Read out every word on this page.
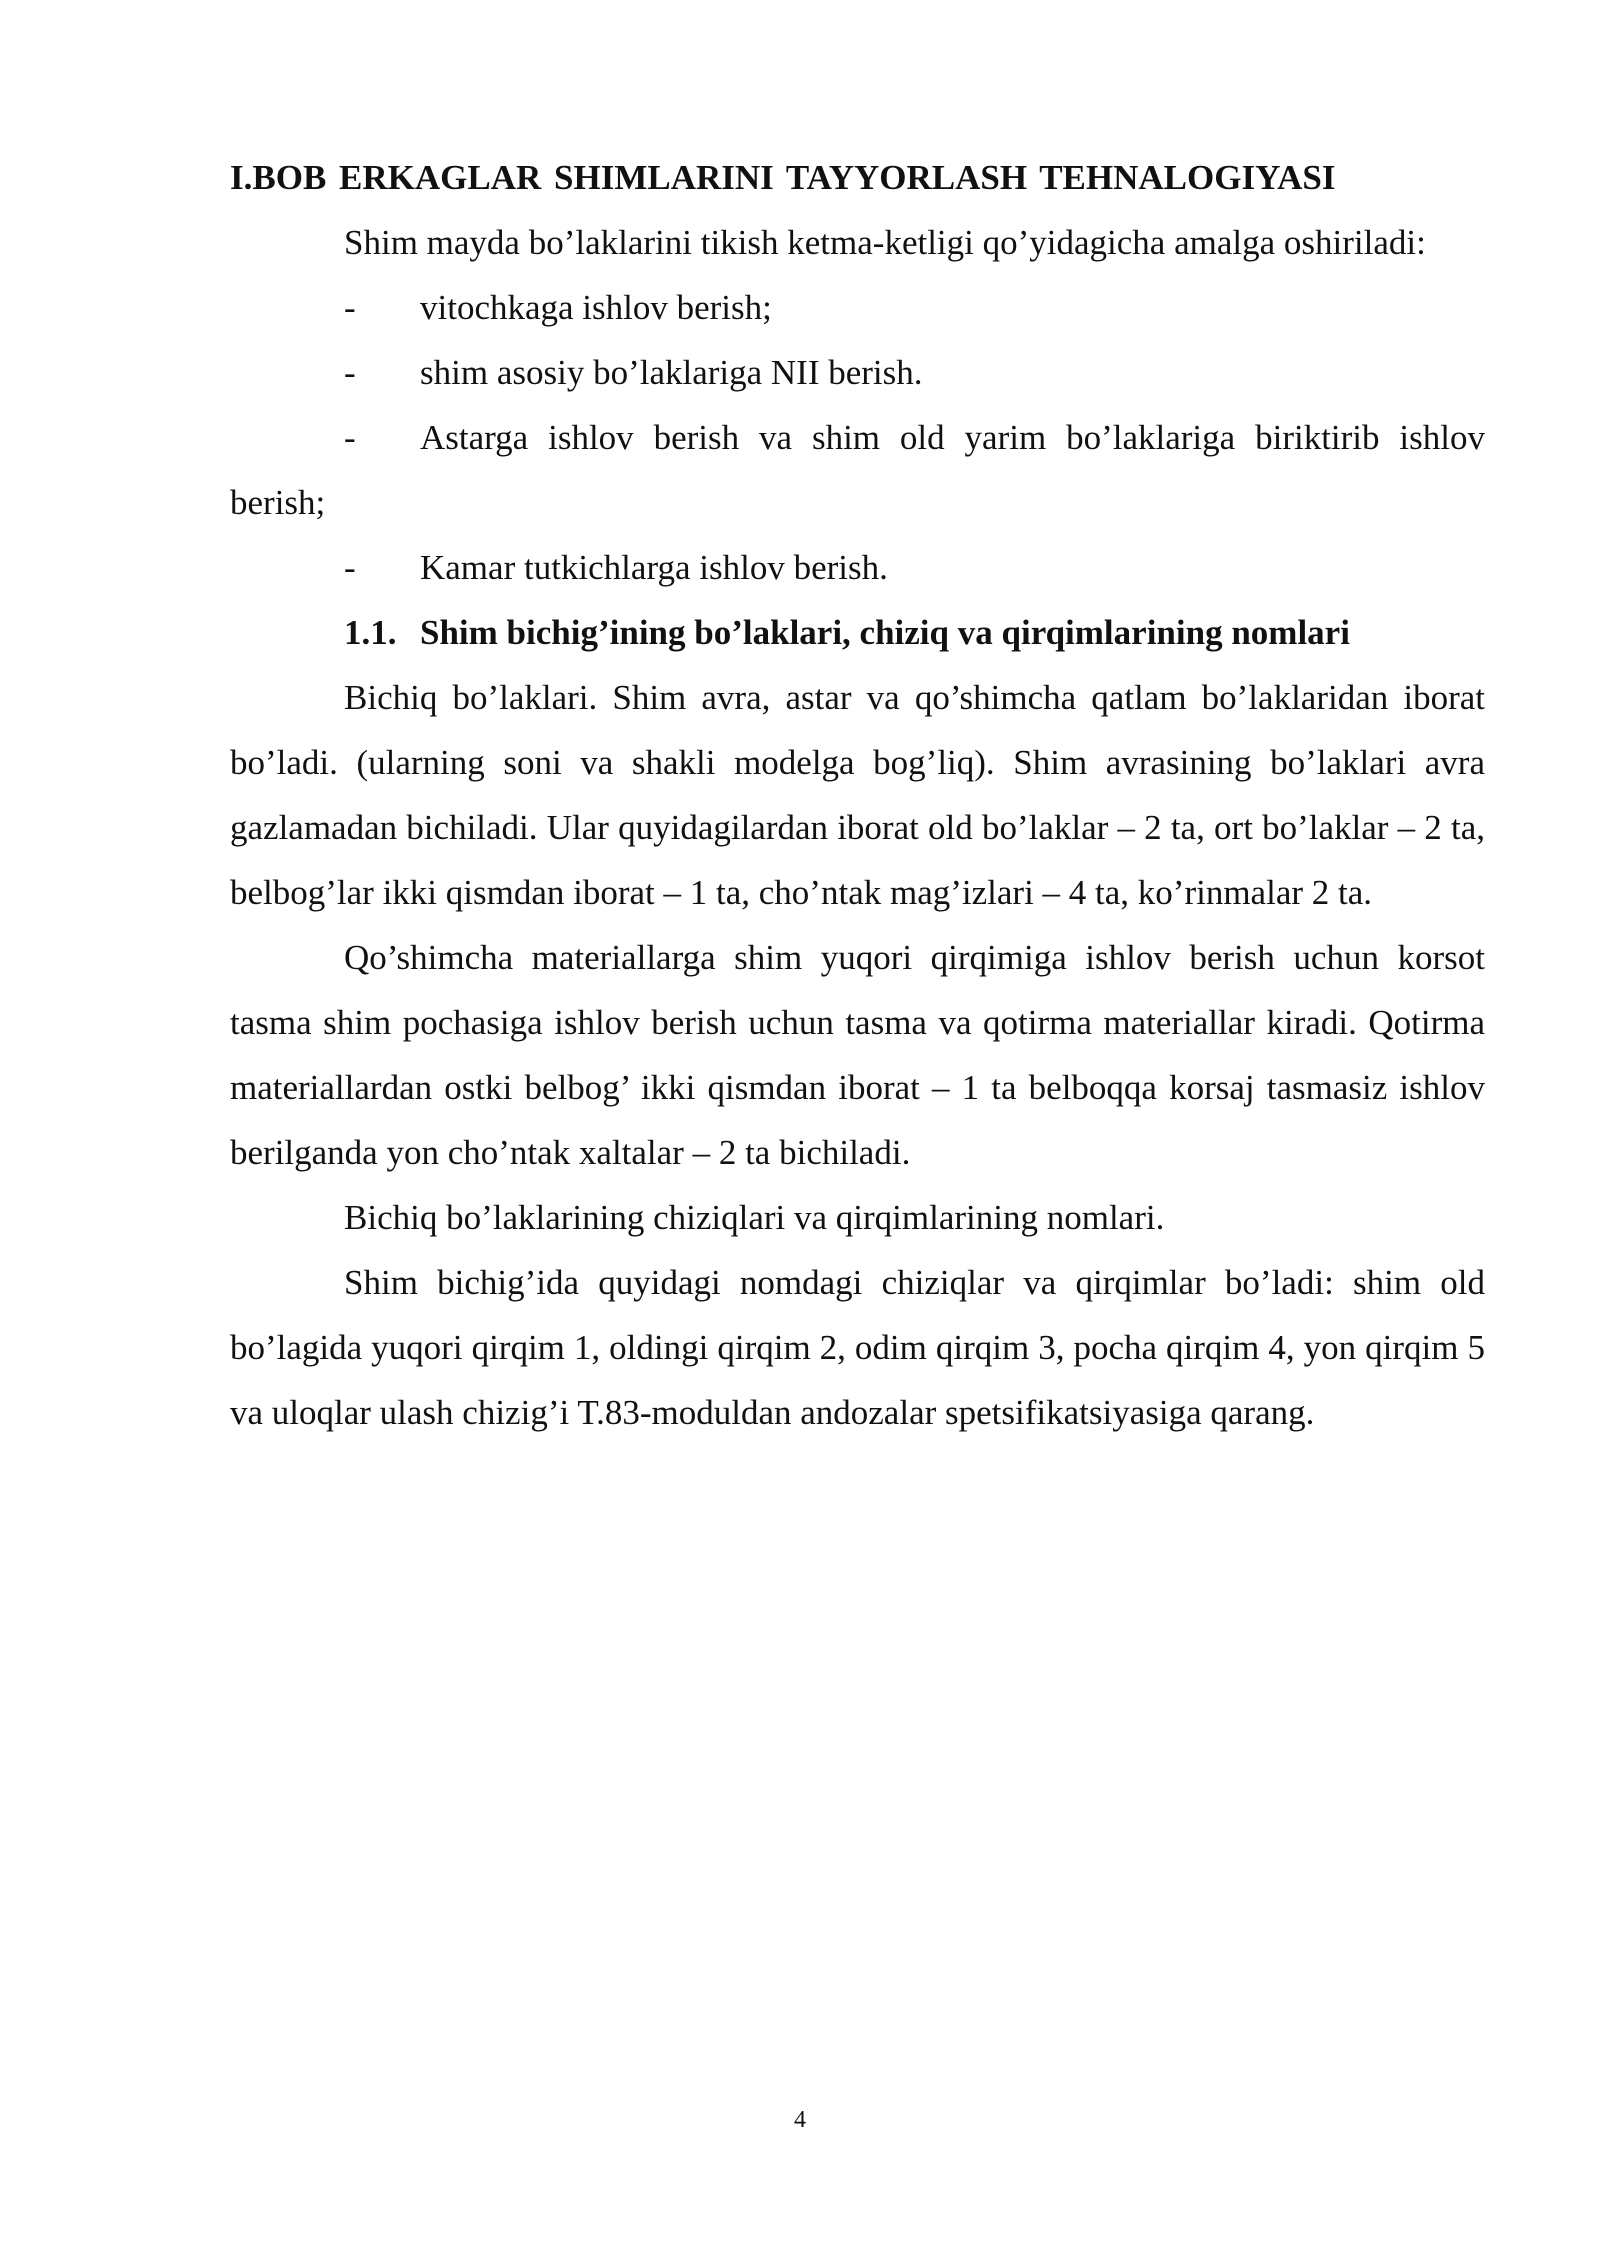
I.BOB ERKAGLAR SHIMLARINI TAYYORLASH TEHNALOGIYASI

Shim mayda bo’laklarini tikish ketma-ketligi qo’yidagicha amalga oshiriladi:

- vitochkaga ishlov berish;

- shim asosiy bo’laklariga NII berish.

- Astarga ishlov berish va shim old yarim bo’laklariga biriktirib ishlov berish;

- Kamar tutkichlarga ishlov berish.

1.1. Shim bichig’ining bo’laklari, chiziq va qirqimlarining nomlari

Bichiq bo’laklari. Shim avra, astar va qo’shimcha qatlam bo’laklaridan iborat bo’ladi. (ularning soni va shakli modelga bog’liq). Shim avrasining bo’laklari avra gazlamadan bichiladi. Ular quyidagilardan iborat old bo’laklar – 2 ta, ort bo’laklar – 2 ta, belbog’lar ikki qismdan iborat – 1 ta, cho’ntak mag’izlari – 4 ta, ko’rinmalar 2 ta.

Qo’shimcha materiallarga shim yuqori qirqimiga ishlov berish uchun korsot tasma shim pochasiga ishlov berish uchun tasma va qotirma materiallar kiradi. Qotirma materiallardan ostki belbog’ ikki qismdan iborat – 1 ta belboqqa korsaj tasmasiz ishlov berilganda yon cho’ntak xaltalar – 2 ta bichiladi.

Bichiq bo’laklarining chiziqlari va qirqimlarining nomlari.

Shim bichig’ida quyidagi nomdagi chiziqlar va qirqimlar bo’ladi: shim old bo’lagida yuqori qirqim 1, oldingi qirqim 2, odim qirqim 3, pocha qirqim 4, yon qirqim 5 va uloqlar ulash chizig’i T.83-moduldan andozalar spetsifikatsiyasiga qarang.

4
